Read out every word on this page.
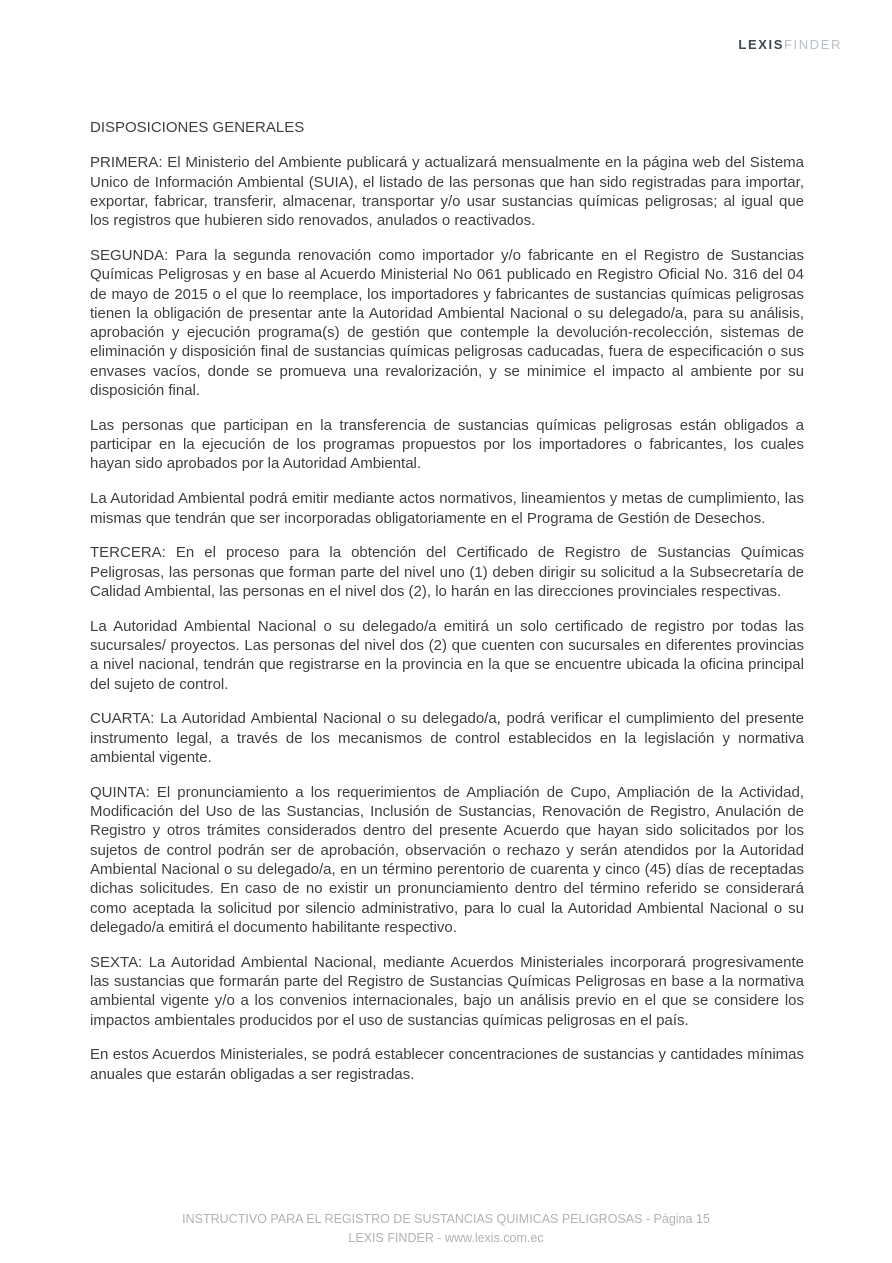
LEXISFINDER
DISPOSICIONES GENERALES

PRIMERA: El Ministerio del Ambiente publicará y actualizará mensualmente en la página web del Sistema Unico de Información Ambiental (SUIA), el listado de las personas que han sido registradas para importar, exportar, fabricar, transferir, almacenar, transportar y/o usar sustancias químicas peligrosas; al igual que los registros que hubieren sido renovados, anulados o reactivados.

SEGUNDA: Para la segunda renovación como importador y/o fabricante en el Registro de Sustancias Químicas Peligrosas y en base al Acuerdo Ministerial No 061 publicado en Registro Oficial No. 316 del 04 de mayo de 2015 o el que lo reemplace, los importadores y fabricantes de sustancias químicas peligrosas tienen la obligación de presentar ante la Autoridad Ambiental Nacional o su delegado/a, para su análisis, aprobación y ejecución programa(s) de gestión que contemple la devolución-recolección, sistemas de eliminación y disposición final de sustancias químicas peligrosas caducadas, fuera de especificación o sus envases vacíos, donde se promueva una revalorización, y se minimice el impacto al ambiente por su disposición final.

Las personas que participan en la transferencia de sustancias químicas peligrosas están obligados a participar en la ejecución de los programas propuestos por los importadores o fabricantes, los cuales hayan sido aprobados por la Autoridad Ambiental.

La Autoridad Ambiental podrá emitir mediante actos normativos, lineamientos y metas de cumplimiento, las mismas que tendrán que ser incorporadas obligatoriamente en el Programa de Gestión de Desechos.

TERCERA: En el proceso para la obtención del Certificado de Registro de Sustancias Químicas Peligrosas, las personas que forman parte del nivel uno (1) deben dirigir su solicitud a la Subsecretaría de Calidad Ambiental, las personas en el nivel dos (2), lo harán en las direcciones provinciales respectivas.

La Autoridad Ambiental Nacional o su delegado/a emitirá un solo certificado de registro por todas las sucursales/ proyectos. Las personas del nivel dos (2) que cuenten con sucursales en diferentes provincias a nivel nacional, tendrán que registrarse en la provincia en la que se encuentre ubicada la oficina principal del sujeto de control.

CUARTA: La Autoridad Ambiental Nacional o su delegado/a, podrá verificar el cumplimiento del presente instrumento legal, a través de los mecanismos de control establecidos en la legislación y normativa ambiental vigente.

QUINTA: El pronunciamiento a los requerimientos de Ampliación de Cupo, Ampliación de la Actividad, Modificación del Uso de las Sustancias, Inclusión de Sustancias, Renovación de Registro, Anulación de Registro y otros trámites considerados dentro del presente Acuerdo que hayan sido solicitados por los sujetos de control podrán ser de aprobación, observación o rechazo y serán atendidos por la Autoridad Ambiental Nacional o su delegado/a, en un término perentorio de cuarenta y cinco (45) días de receptadas dichas solicitudes. En caso de no existir un pronunciamiento dentro del término referido se considerará como aceptada la solicitud por silencio administrativo, para lo cual la Autoridad Ambiental Nacional o su delegado/a emitirá el documento habilitante respectivo.

SEXTA: La Autoridad Ambiental Nacional, mediante Acuerdos Ministeriales incorporará progresivamente las sustancias que formarán parte del Registro de Sustancias Químicas Peligrosas en base a la normativa ambiental vigente y/o a los convenios internacionales, bajo un análisis previo en el que se considere los impactos ambientales producidos por el uso de sustancias químicas peligrosas en el país.

En estos Acuerdos Ministeriales, se podrá establecer concentraciones de sustancias y cantidades mínimas anuales que estarán obligadas a ser registradas.

INSTRUCTIVO PARA EL REGISTRO DE SUSTANCIAS QUIMICAS PELIGROSAS - Página 15
LEXIS FINDER - www.lexis.com.ec
